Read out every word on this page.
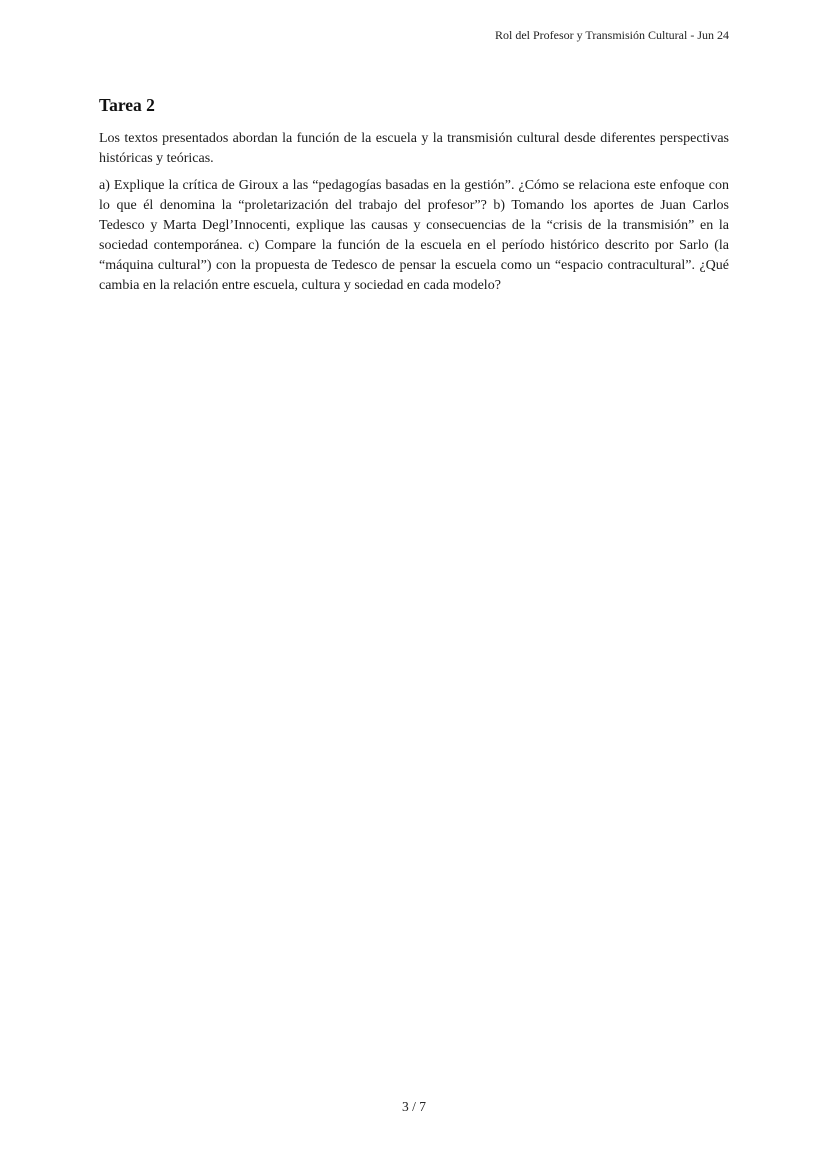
Rol del Profesor y Transmisión Cultural - Jun 24
Tarea 2

Los textos presentados abordan la función de la escuela y la transmisión cultural desde diferentes perspectivas históricas y teóricas.

a) Explique la crítica de Giroux a las “pedagogías basadas en la gestión”. ¿Cómo se relaciona este enfoque con lo que él denomina la “proletarización del trabajo del profesor”? b) Tomando los aportes de Juan Carlos Tedesco y Marta Degl’Innocenti, explique las causas y consecuencias de la “crisis de la transmisión” en la sociedad contemporánea. c) Compare la función de la escuela en el período histórico descrito por Sarlo (la “máquina cultural”) con la propuesta de Tedesco de pensar la escuela como un “espacio contracultural”. ¿Qué cambia en la relación entre escuela, cultura y sociedad en cada modelo?

3 / 7
